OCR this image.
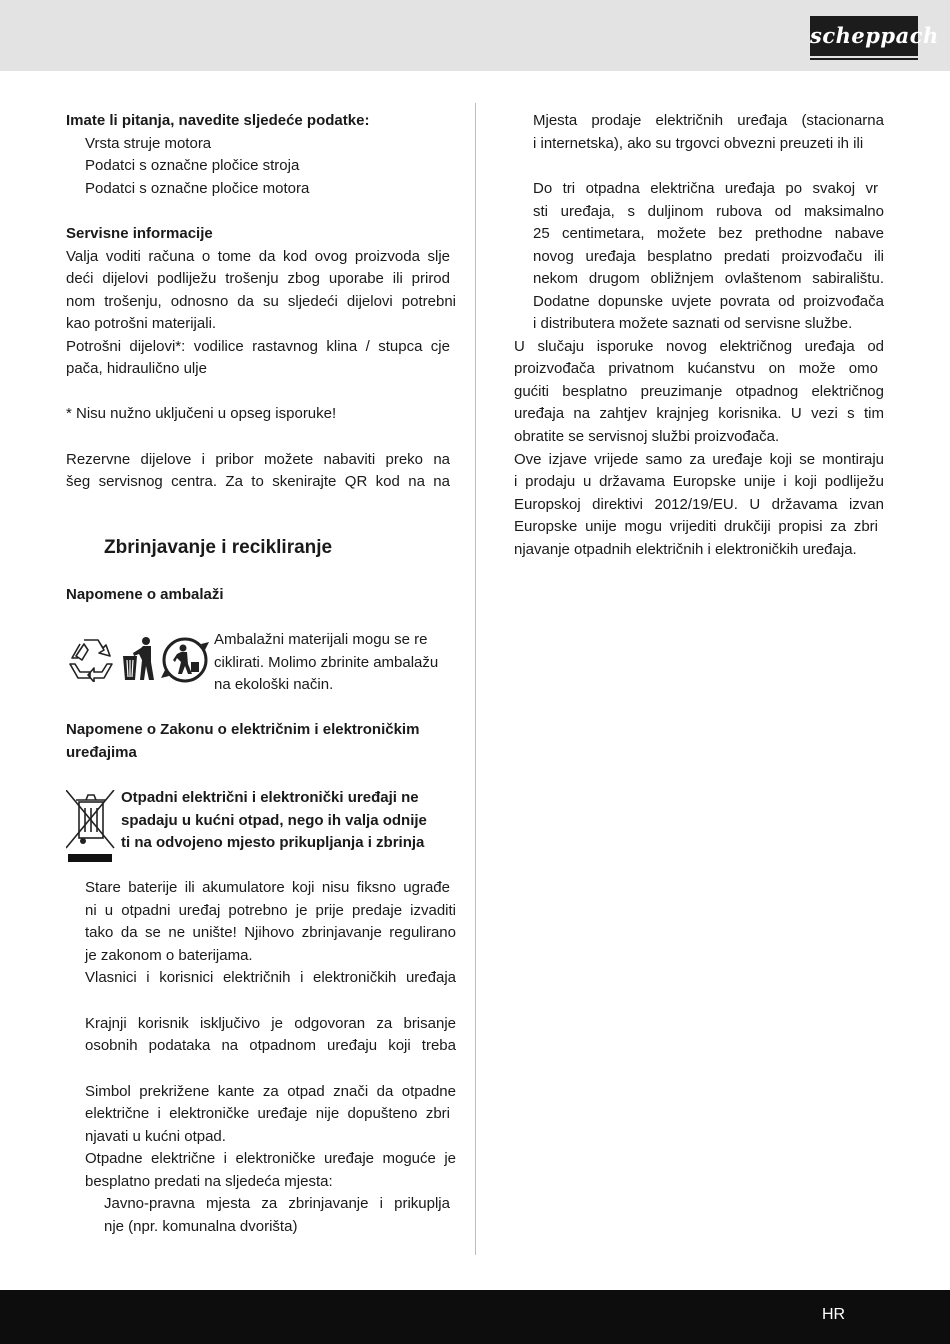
scheppach
Imate li pitanja, navedite sljedeće podatke:
Vrsta struje motora
Podatci s označne pločice stroja
Podatci s označne pločice motora
Servisne informacije
Valja voditi računa o tome da kod ovog proizvoda slje
deći dijelovi podliježu trošenju zbog uporabe ili prirod
nom trošenju, odnosno da su sljedeći dijelovi potrebni
kao potrošni materijali.
Potrošni dijelovi*: vodilice rastavnog klina / stupca cje
pača, hidraulično ulje
* Nisu nužno uključeni u opseg isporuke!
Rezervne dijelove i pribor možete nabaviti preko na
šeg servisnog centra. Za to skenirajte QR kod na na
Zbrinjavanje i recikliranje
Napomene o ambalaži
Ambalažni materijali mogu se re
ciklirati. Molimo zbrinite ambalažu
na ekološki način.
Napomene o Zakonu o električnim i elektroničkim
uređajima
Otpadni električni i elektronički uređaji ne
spadaju u kućni otpad, nego ih valja odnije
ti na odvojeno mjesto prikupljanja i zbrinja
Stare baterije ili akumulatore koji nisu fiksno ugrađe
ni u otpadni uređaj potrebno je prije predaje izvaditi
tako da se ne unište! Njihovo zbrinjavanje regulirano
je zakonom o baterijama.
Vlasnici i korisnici električnih i elektroničkih uređaja
Krajnji korisnik isključivo je odgovoran za brisanje
osobnih podataka na otpadnom uređaju koji treba
Simbol prekrižene kante za otpad znači da otpadne
električne i elektroničke uređaje nije dopušteno zbri
njavati u kućni otpad.
Otpadne električne i elektroničke uređaje moguće je
besplatno predati na sljedeća mjesta:
Javno-pravna mjesta za zbrinjavanje i prikuplja
nje (npr. komunalna dvorišta)
Mjesta prodaje električnih uređaja (stacionarna
i internetska), ako su trgovci obvezni preuzeti ih ili
Do tri otpadna električna uređaja po svakoj vr
sti uređaja, s duljinom rubova od maksimalno
25 centimetara, možete bez prethodne nabave
novog uređaja besplatno predati proizvođaču ili
nekom drugom obližnjem ovlaštenom sabiralištu.
Dodatne dopunske uvjete povrata od proizvođača
i distributera možete saznati od servisne službe.
U slučaju isporuke novog električnog uređaja od
proizvođača privatnom kućanstvu on može omo
gućiti besplatno preuzimanje otpadnog električnog
uređaja na zahtjev krajnjeg korisnika. U vezi s tim
obratite se servisnoj službi proizvođača.
Ove izjave vrijede samo za uređaje koji se montiraju
i prodaju u državama Europske unije i koji podliježu
Europskoj direktivi 2012/19/EU. U državama izvan
Europske unije mogu vrijediti drukčiji propisi za zbri
njavanje otpadnih električnih i elektroničkih uređaja.
HR
